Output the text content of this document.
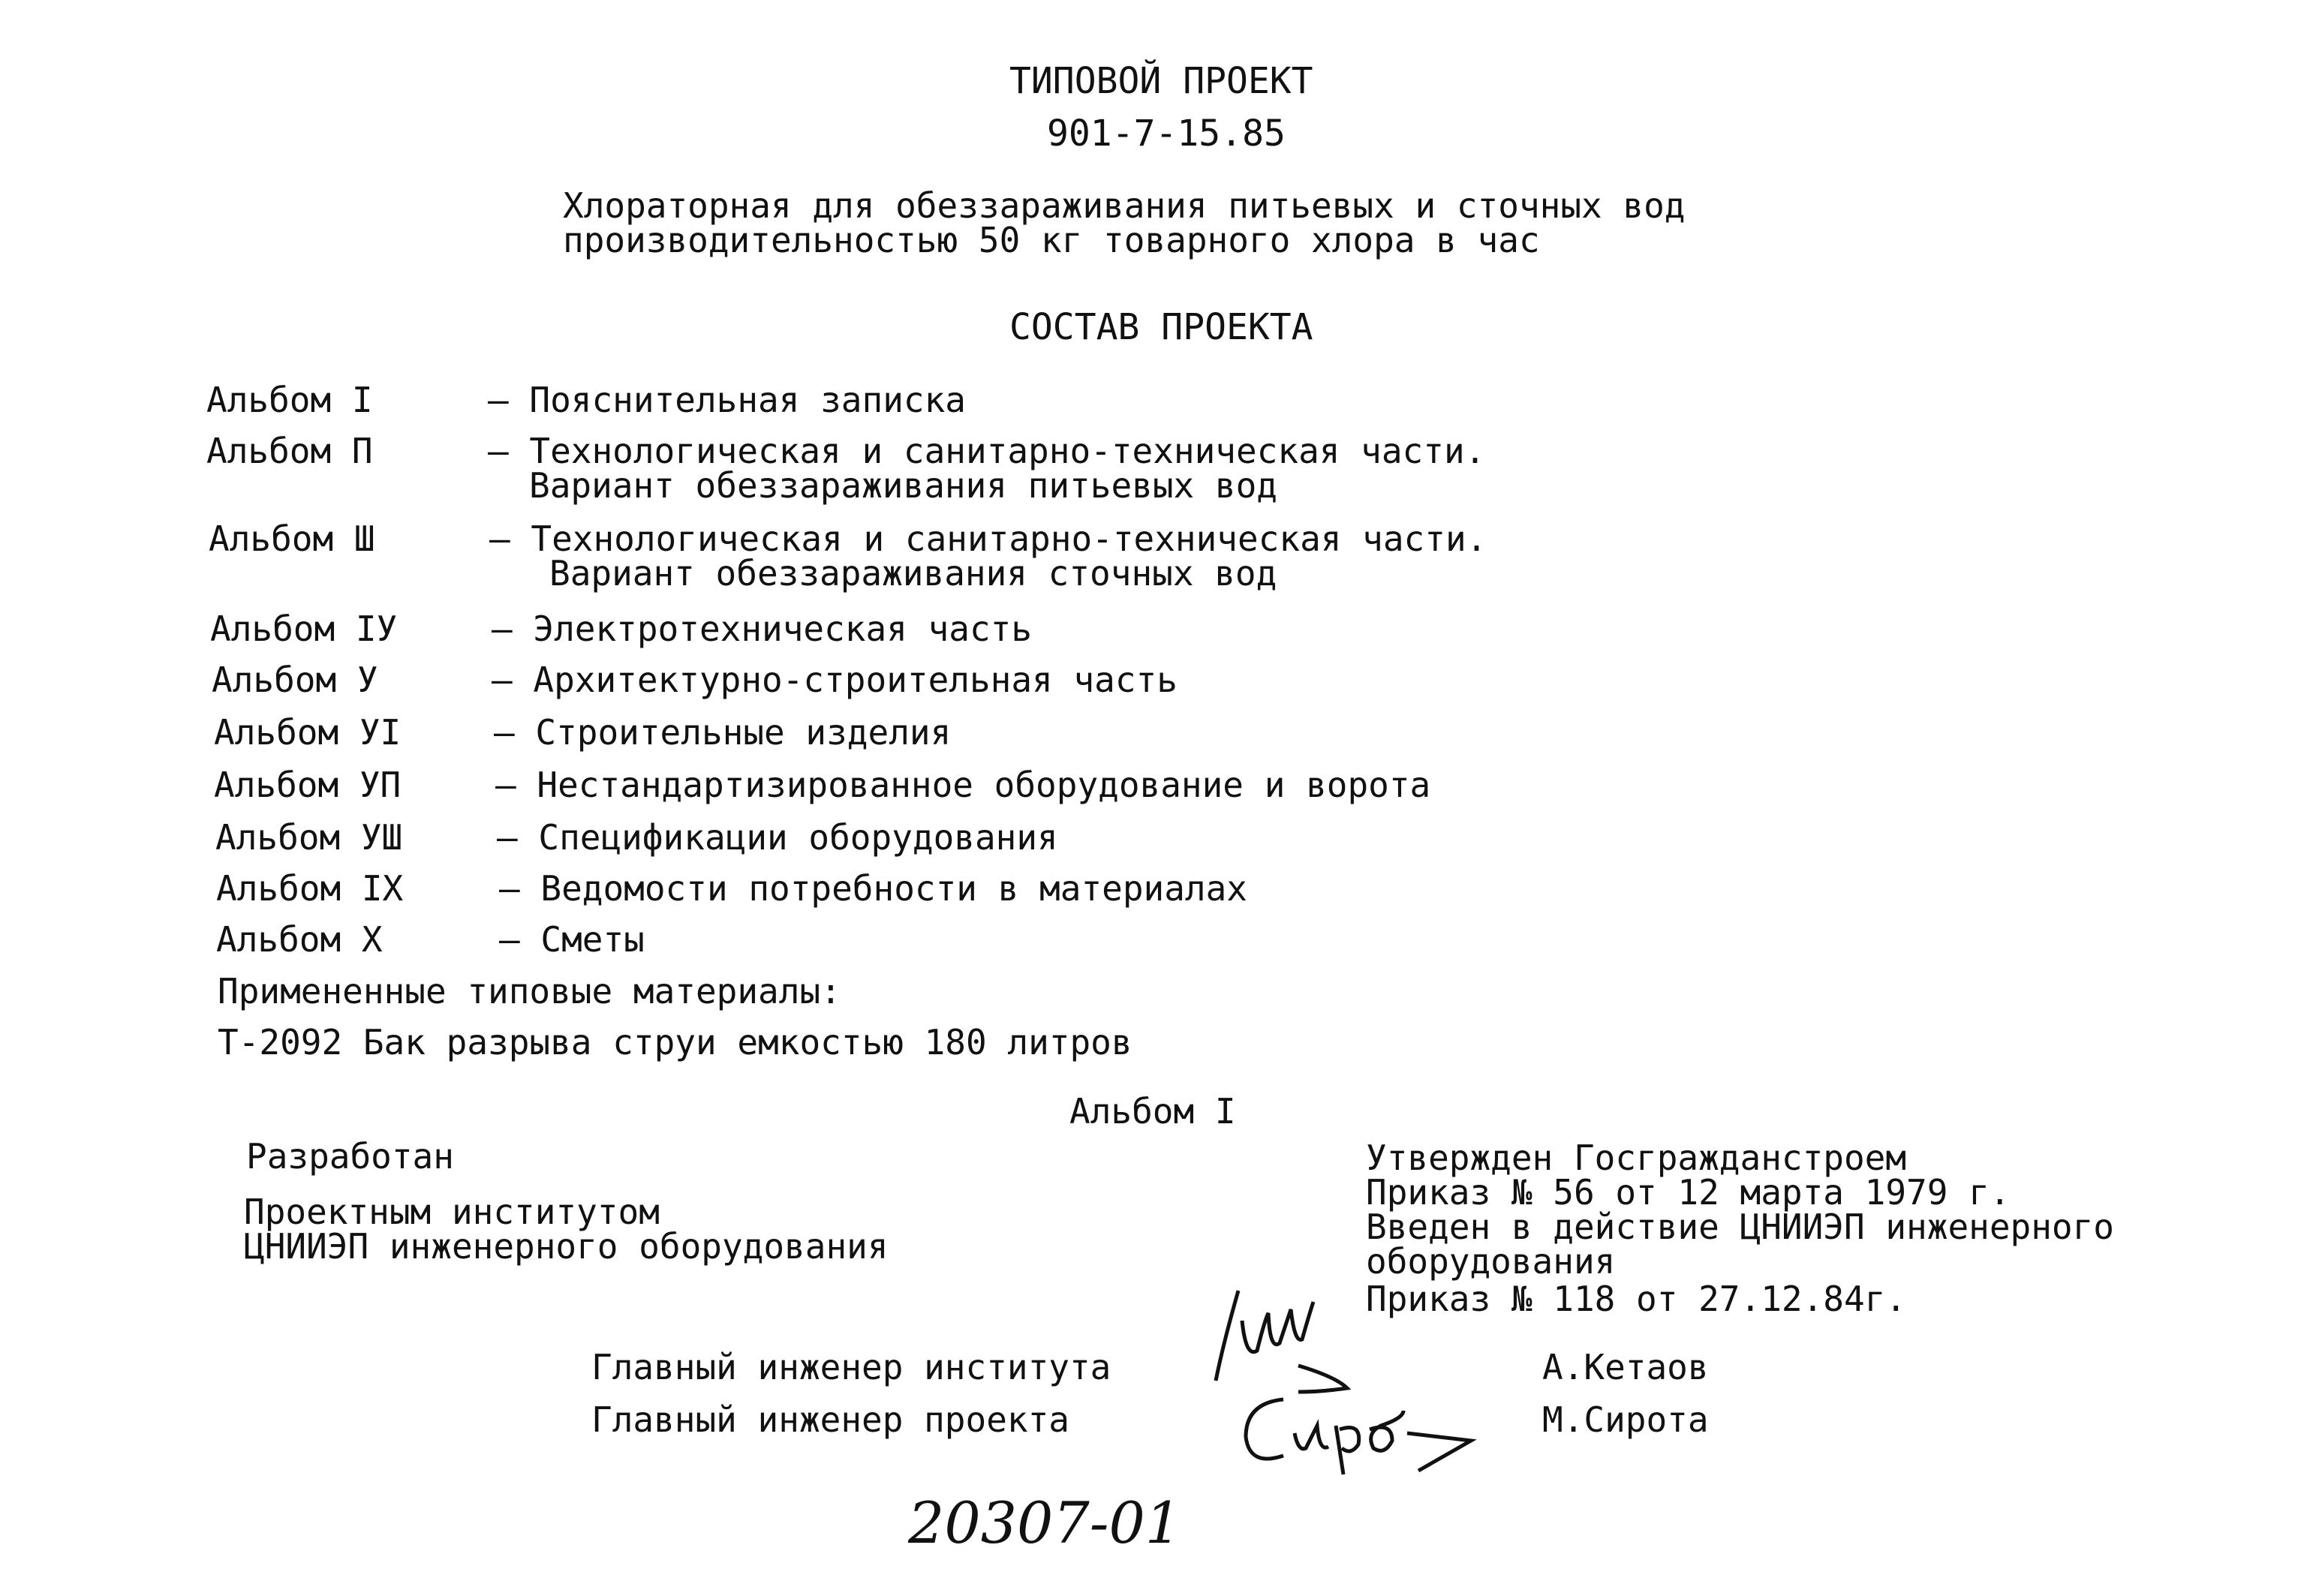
ТИПОВОЙ ПРОЕКТ
901-7-15.85
Хлораторная для обеззараживания питьевых и сточных вод
производительностью 50 кг товарного хлора в час
СОСТАВ ПРОЕКТА
Альбом I	– Пояснительная записка
Альбом П	– Технологическая и санитарно-техническая части.
Вариант обеззараживания питьевых вод
Альбом Ш	– Технологическая и санитарно-техническая части.
Вариант обеззараживания сточных вод
Альбом IУ	– Электротехническая часть
Альбом У	– Архитектурно-строительная часть
Альбом УI	– Строительные изделия
Альбом УП	– Нестандартизированное оборудование и ворота
Альбом УШ	– Спецификации оборудования
Альбом IX	– Ведомости потребности в материалах
Альбом X	– Сметы
Примененные типовые материалы:
Т-2092 Бак разрыва струи емкостью 180 литров
Альбом I
Разработан
Проектным институтом
ЦНИИЭП инженерного оборудования
Утвержден Госгражданстроем
Приказ № 56 от 12 марта 1979 г.
Введен в действие ЦНИИЭП инженерного
оборудования
Приказ № 118 от 27.12.84г.
Главный инженер института	А.Кетаов
Главный инженер проекта	М.Сирота
20307-01
